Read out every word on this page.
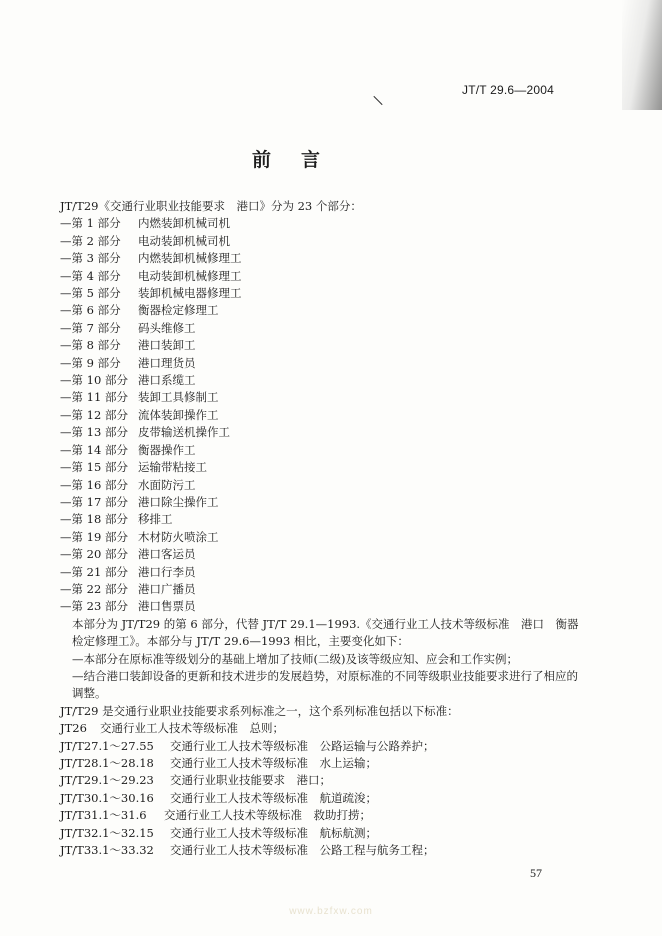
JT/T 29.6—2004
前言
JT/T29《交通行业职业技能要求　港口》分为 23 个部分：
—第 1 部分 内燃装卸机械司机
—第 2 部分 电动装卸机械司机
—第 3 部分 内燃装卸机械修理工
—第 4 部分 电动装卸机械修理工
—第 5 部分 装卸机械电器修理工
—第 6 部分 衡器检定修理工
—第 7 部分 码头维修工
—第 8 部分 港口装卸工
—第 9 部分 港口理货员
—第 10 部分 港口系缆工
—第 11 部分 装卸工具修制工
—第 12 部分 流体装卸操作工
—第 13 部分 皮带输送机操作工
—第 14 部分 衡器操作工
—第 15 部分 运输带粘接工
—第 16 部分 水面防污工
—第 17 部分 港口除尘操作工
—第 18 部分 移排工
—第 19 部分 木材防火喷涂工
—第 20 部分 港口客运员
—第 21 部分 港口行李员
—第 22 部分 港口广播员
—第 23 部分 港口售票员
本部分为 JT/T29 的第 6 部分，代替 JT/T 29.1—1993.《交通行业工人技术等级标准　港口　衡器检定修理工》。本部分与 JT/T 29.6—1993 相比，主要变化如下：
—本部分在原标准等级划分的基础上增加了技师(二级)及该等级应知、应会和工作实例；
—结合港口装卸设备的更新和技术进步的发展趋势，对原标准的不同等级职业技能要求进行了相应的调整。
JT/T29 是交通行业职业技能要求系列标准之一，这个系列标准包括以下标准：
JT26 交通行业工人技术等级标准　总则；
JT/T27.1～27.55 交通行业工人技术等级标准　公路运输与公路养护；
JT/T28.1～28.18 交通行业工人技术等级标准　水上运输；
JT/T29.1～29.23 交通行业职业技能要求　港口；
JT/T30.1～30.16 交通行业工人技术等级标准　航道疏浚；
JT/T31.1～31.6 交通行业工人技术等级标准　救助打捞；
JT/T32.1～32.15 交通行业工人技术等级标准　航标航测；
JT/T33.1～33.32 交通行业工人技术等级标准　公路工程与航务工程；
57
www.bzfxw.com
